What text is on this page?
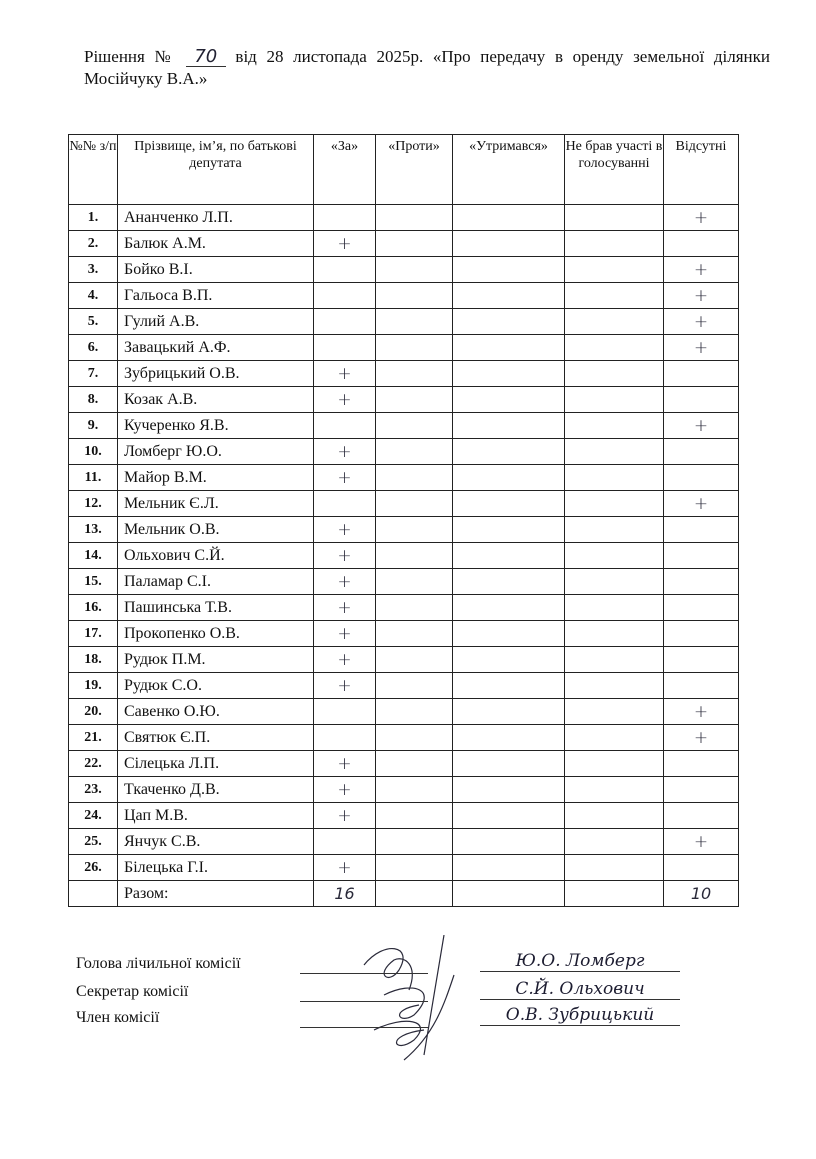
Рішення № 70 від 28 листопада 2025р. «Про передачу в оренду земельної ділянки Мосійчуку В.А.»
№№ з/п	Прізвище, ім’я, по батькові депутата	«За»	«Проти»	«Утримався»	Не брав участі в голосуванні	Відсутні
1.	Ананченко Л.П.					+
2.	Балюк А.М.	+				
3.	Бойко В.І.					+
4.	Гальоса В.П.					+
5.	Гулий А.В.					+
6.	Завацький А.Ф.					+
7.	Зубрицький О.В.	+				
8.	Козак А.В.	+				
9.	Кучеренко Я.В.					+
10.	Ломберг Ю.О.	+				
11.	Майор В.М.	+				
12.	Мельник Є.Л.					+
13.	Мельник О.В.	+				
14.	Ольхович С.Й.	+				
15.	Паламар С.І.	+				
16.	Пашинська Т.В.	+				
17.	Прокопенко О.В.	+				
18.	Рудюк П.М.	+				
19.	Рудюк С.О.	+				
20.	Савенко О.Ю.					+
21.	Святюк Є.П.					+
22.	Сілецька Л.П.	+				
23.	Ткаченко Д.В.	+				
24.	Цап М.В.	+				
25.	Янчук С.В.					+
26.	Білецька Г.І.	+				
	Разом:	16				10
Голова лічильної комісії	Ю.О. Ломберг
Секретар комісії	С.Й. Ольхович
Член комісії	О.В. Зубрицький
